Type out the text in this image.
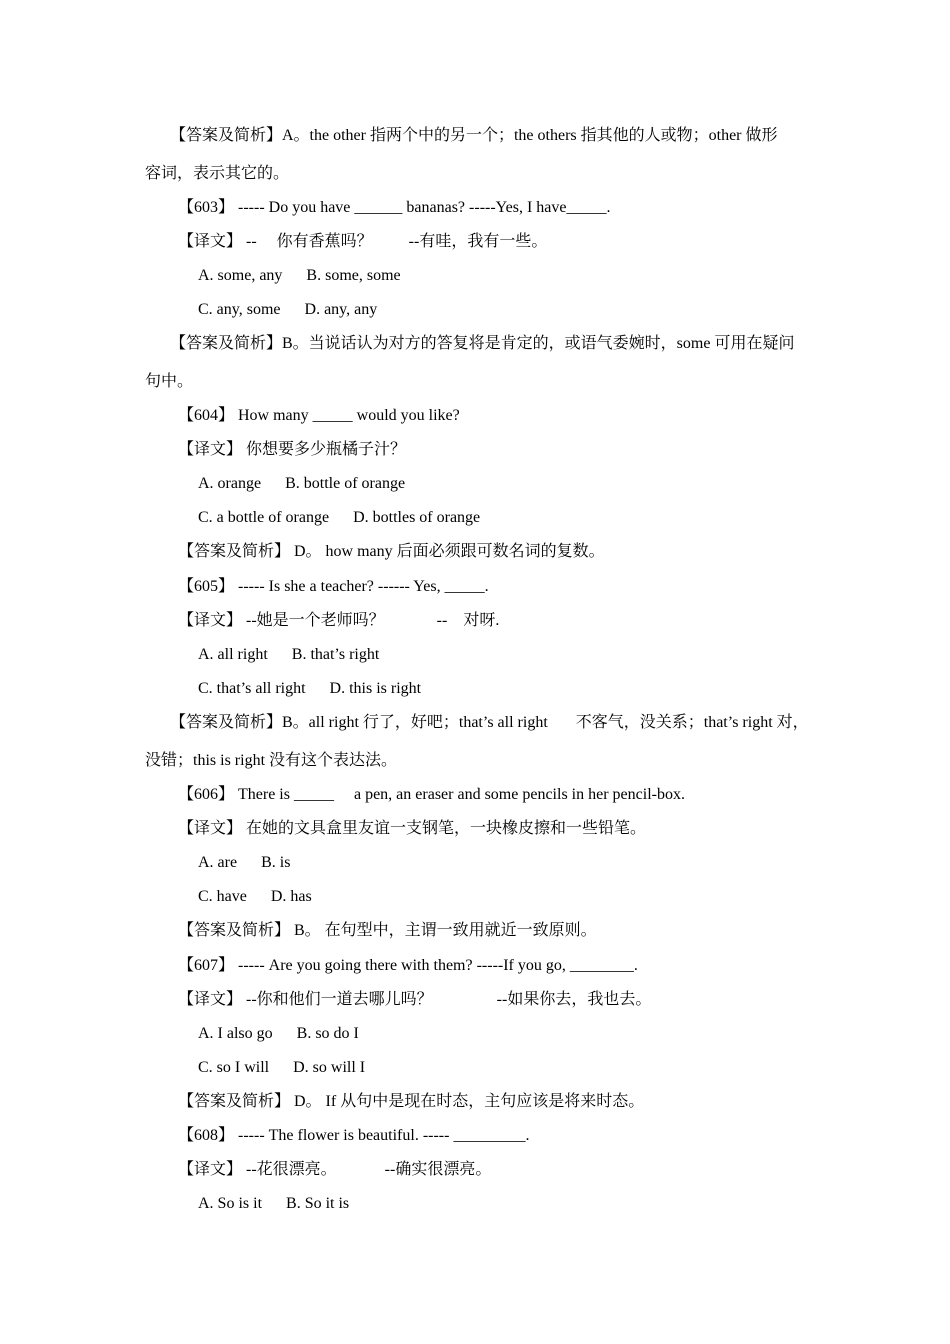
【答案及简析】A。the other 指两个中的另一个；the others 指其他的人或物；other 做形
容词，表示其它的。
【603】 ----- Do you have ______ bananas? -----Yes, I have_____.
【译文】 --     你有香蕉吗？         --有哇，我有一些。
A. some, any      B. some, some
C. any, some      D. any, any
【答案及简析】B。当说话认为对方的答复将是肯定的，或语气委婉时，some 可用在疑问
句中。
【604】 How many _____ would you like?
【译文】 你想要多少瓶橘子汁？
A. orange      B. bottle of orange
C. a bottle of orange      D. bottles of orange
【答案及简析】 D。 how many 后面必须跟可数名词的复数。
【605】 ----- Is she a teacher? ------ Yes, _____.
【译文】 --她是一个老师吗？             --    对呀.
A. all right      B. that’s right
C. that’s all right      D. this is right
【答案及简析】B。all right 行了，好吧；that’s all right       不客气，没关系；that’s right 对，
没错；this is right 没有这个表达法。
【606】 There is _____     a pen, an eraser and some pencils in her pencil-box.
【译文】 在她的文具盒里友谊一支钢笔，一块橡皮擦和一些铅笔。
A. are      B. is
C. have      D. has
【答案及简析】 B。 在句型中，主谓一致用就近一致原则。
【607】 ----- Are you going there with them? -----If you go, ________.
【译文】 --你和他们一道去哪儿吗？                --如果你去，我也去。
A. I also go      B. so do I
C. so I will      D. so will I
【答案及简析】 D。 If 从句中是现在时态，主句应该是将来时态。
【608】 ----- The flower is beautiful. ----- _________.
【译文】 --花很漂亮。            --确实很漂亮。
A. So is it      B. So it is
